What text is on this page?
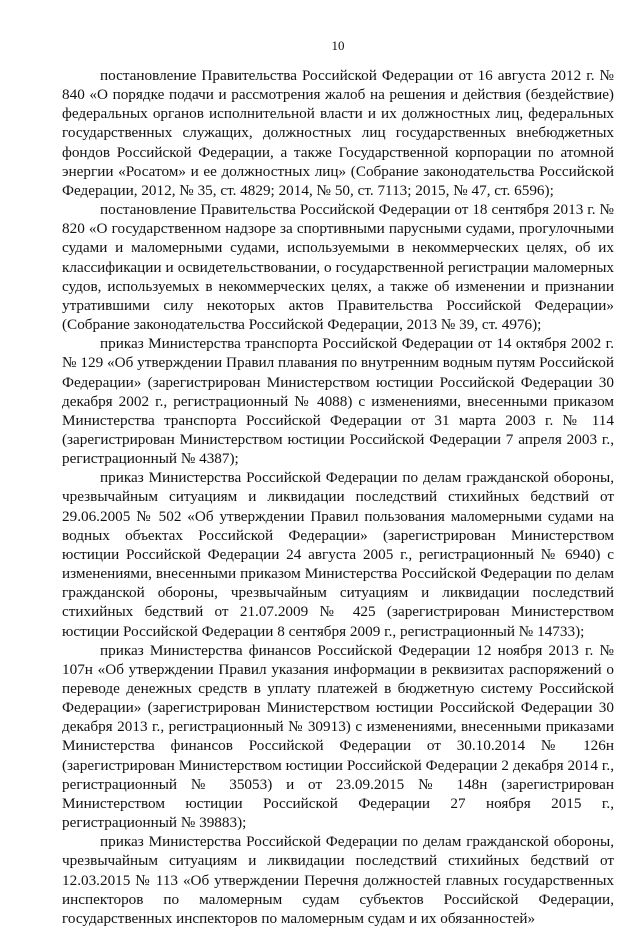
10

постановление Правительства Российской Федерации от 16 августа 2012 г. № 840 «О порядке подачи и рассмотрения жалоб на решения и действия (бездействие) федеральных органов исполнительной власти и их должностных лиц, федеральных государственных служащих, должностных лиц государственных внебюджетных фондов Российской Федерации, а также Государственной корпорации по атомной энергии «Росатом» и ее должностных лиц» (Собрание законодательства Российской Федерации, 2012, № 35, ст. 4829; 2014, № 50, ст. 7113; 2015, № 47, ст. 6596);

постановление Правительства Российской Федерации от 18 сентября 2013 г. № 820 «О государственном надзоре за спортивными парусными судами, прогулочными судами и маломерными судами, используемыми в некоммерческих целях, об их классификации и освидетельствовании, о государственной регистрации маломерных судов, используемых в некоммерческих целях, а также об изменении и признании утратившими силу некоторых актов Правительства Российской Федерации» (Собрание законодательства Российской Федерации, 2013 № 39, ст. 4976);

приказ Министерства транспорта Российской Федерации от 14 октября 2002 г. № 129 «Об утверждении Правил плавания по внутренним водным путям Российской Федерации» (зарегистрирован Министерством юстиции Российской Федерации 30 декабря 2002 г., регистрационный № 4088) с изменениями, внесенными приказом Министерства транспорта Российской Федерации от 31 марта 2003 г. № 114 (зарегистрирован Министерством юстиции Российской Федерации 7 апреля 2003 г., регистрационный № 4387);

приказ Министерства Российской Федерации по делам гражданской обороны, чрезвычайным ситуациям и ликвидации последствий стихийных бедствий от 29.06.2005 № 502 «Об утверждении Правил пользования маломерными судами на водных объектах Российской Федерации» (зарегистрирован Министерством юстиции Российской Федерации 24 августа 2005 г., регистрационный № 6940) с изменениями, внесенными приказом Министерства Российской Федерации по делам гражданской обороны, чрезвычайным ситуациям и ликвидации последствий стихийных бедствий от 21.07.2009 № 425 (зарегистрирован Министерством юстиции Российской Федерации 8 сентября 2009 г., регистрационный № 14733);

приказ Министерства финансов Российской Федерации 12 ноября 2013 г. № 107н «Об утверждении Правил указания информации в реквизитах распоряжений о переводе денежных средств в уплату платежей в бюджетную систему Российской Федерации» (зарегистрирован Министерством юстиции Российской Федерации 30 декабря 2013 г., регистрационный № 30913) с изменениями, внесенными приказами Министерства финансов Российской Федерации от 30.10.2014 № 126н (зарегистрирован Министерством юстиции Российской Федерации 2 декабря 2014 г., регистрационный № 35053) и от 23.09.2015 № 148н (зарегистрирован Министерством юстиции Российской Федерации 27 ноября 2015 г., регистрационный № 39883);

приказ Министерства Российской Федерации по делам гражданской обороны, чрезвычайным ситуациям и ликвидации последствий стихийных бедствий от 12.03.2015 № 113 «Об утверждении Перечня должностей главных государственных инспекторов по маломерным судам субъектов Российской Федерации, государственных инспекторов по маломерным судам и их обязанностей»
